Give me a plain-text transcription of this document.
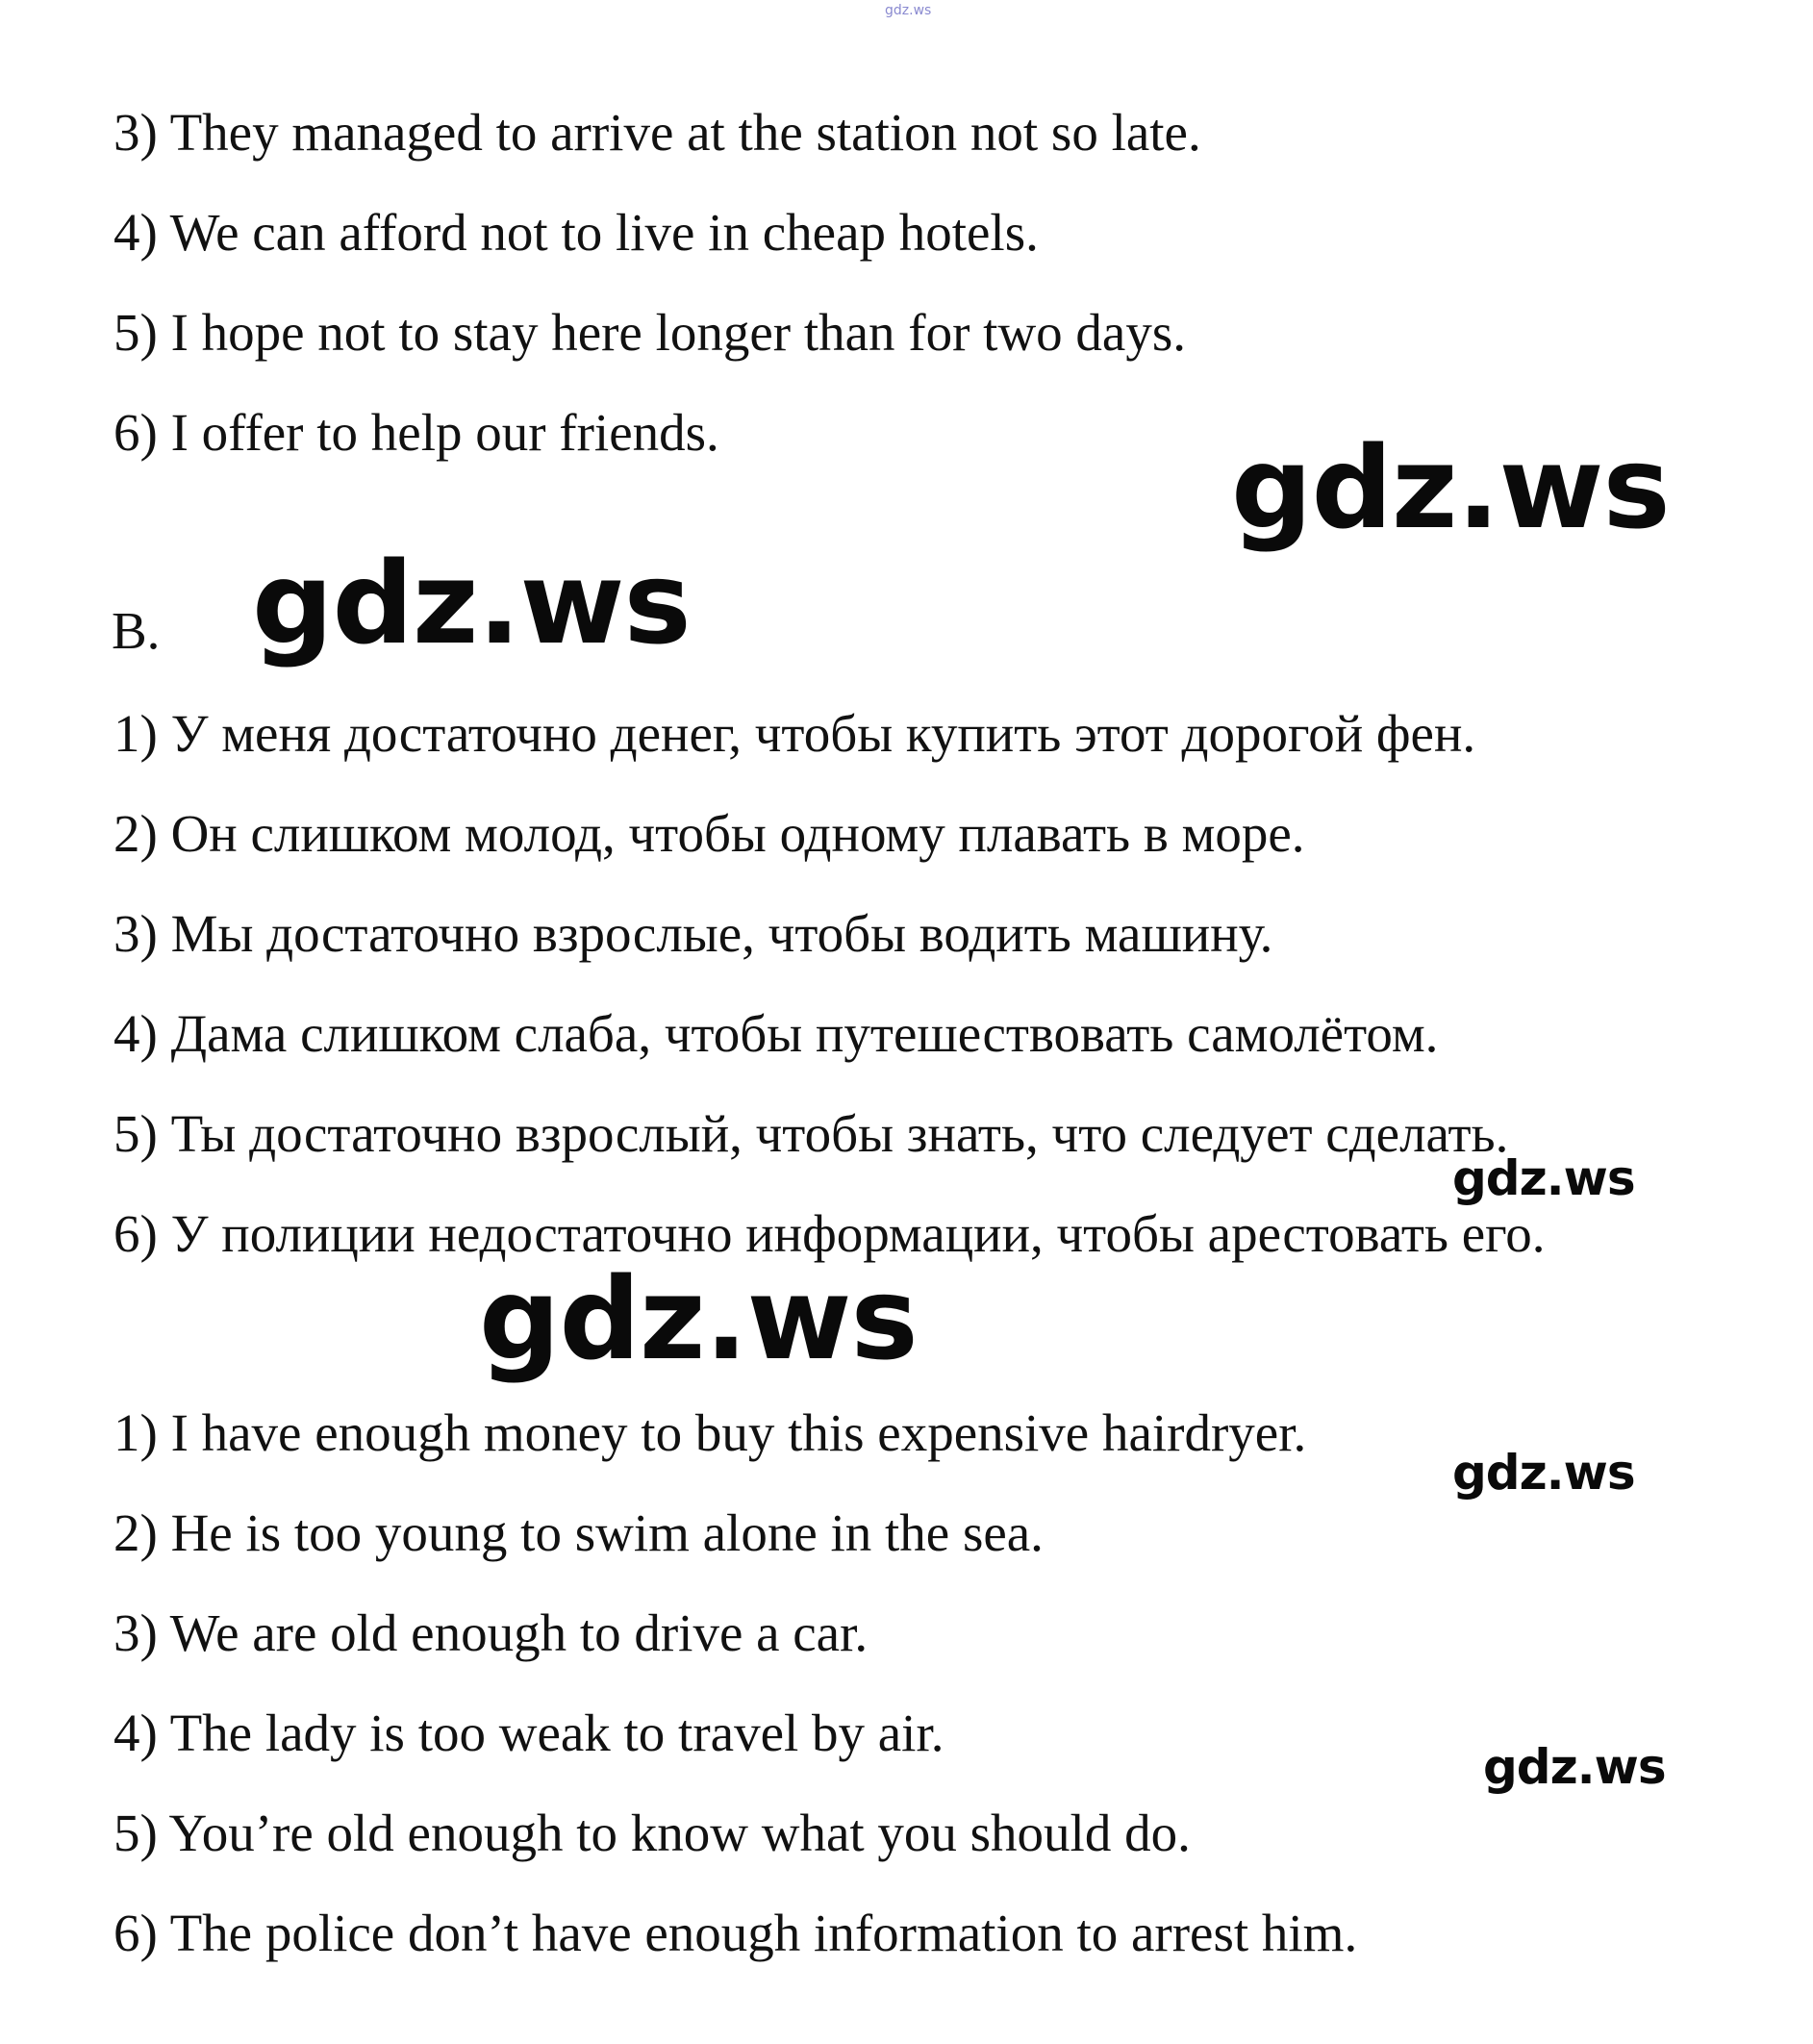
gdz.ws
3) They managed to arrive at the station not so late.
4) We can afford not to live in cheap hotels.
5) I hope not to stay here longer than for two days.
6) I offer to help our friends.	gdz.ws
B. gdz.ws
1) У меня достаточно денег, чтобы купить этот дорогой фен.
2) Он слишком молод, чтобы одному плавать в море.
3) Мы достаточно взрослые, чтобы водить машину.
4) Дама слишком слаба, чтобы путешествовать самолётом.
5) Ты достаточно взрослый, чтобы знать, что следует сделать.
gdz.ws
6) У полиции недостаточно информации, чтобы арестовать его.
gdz.ws
1) I have enough money to buy this expensive hairdryer.
gdz.ws
2) He is too young to swim alone in the sea.
3) We are old enough to drive a car.
4) The lady is too weak to travel by air.
gdz.ws
5) You’re old enough to know what you should do.
6) The police don’t have enough information to arrest him.
